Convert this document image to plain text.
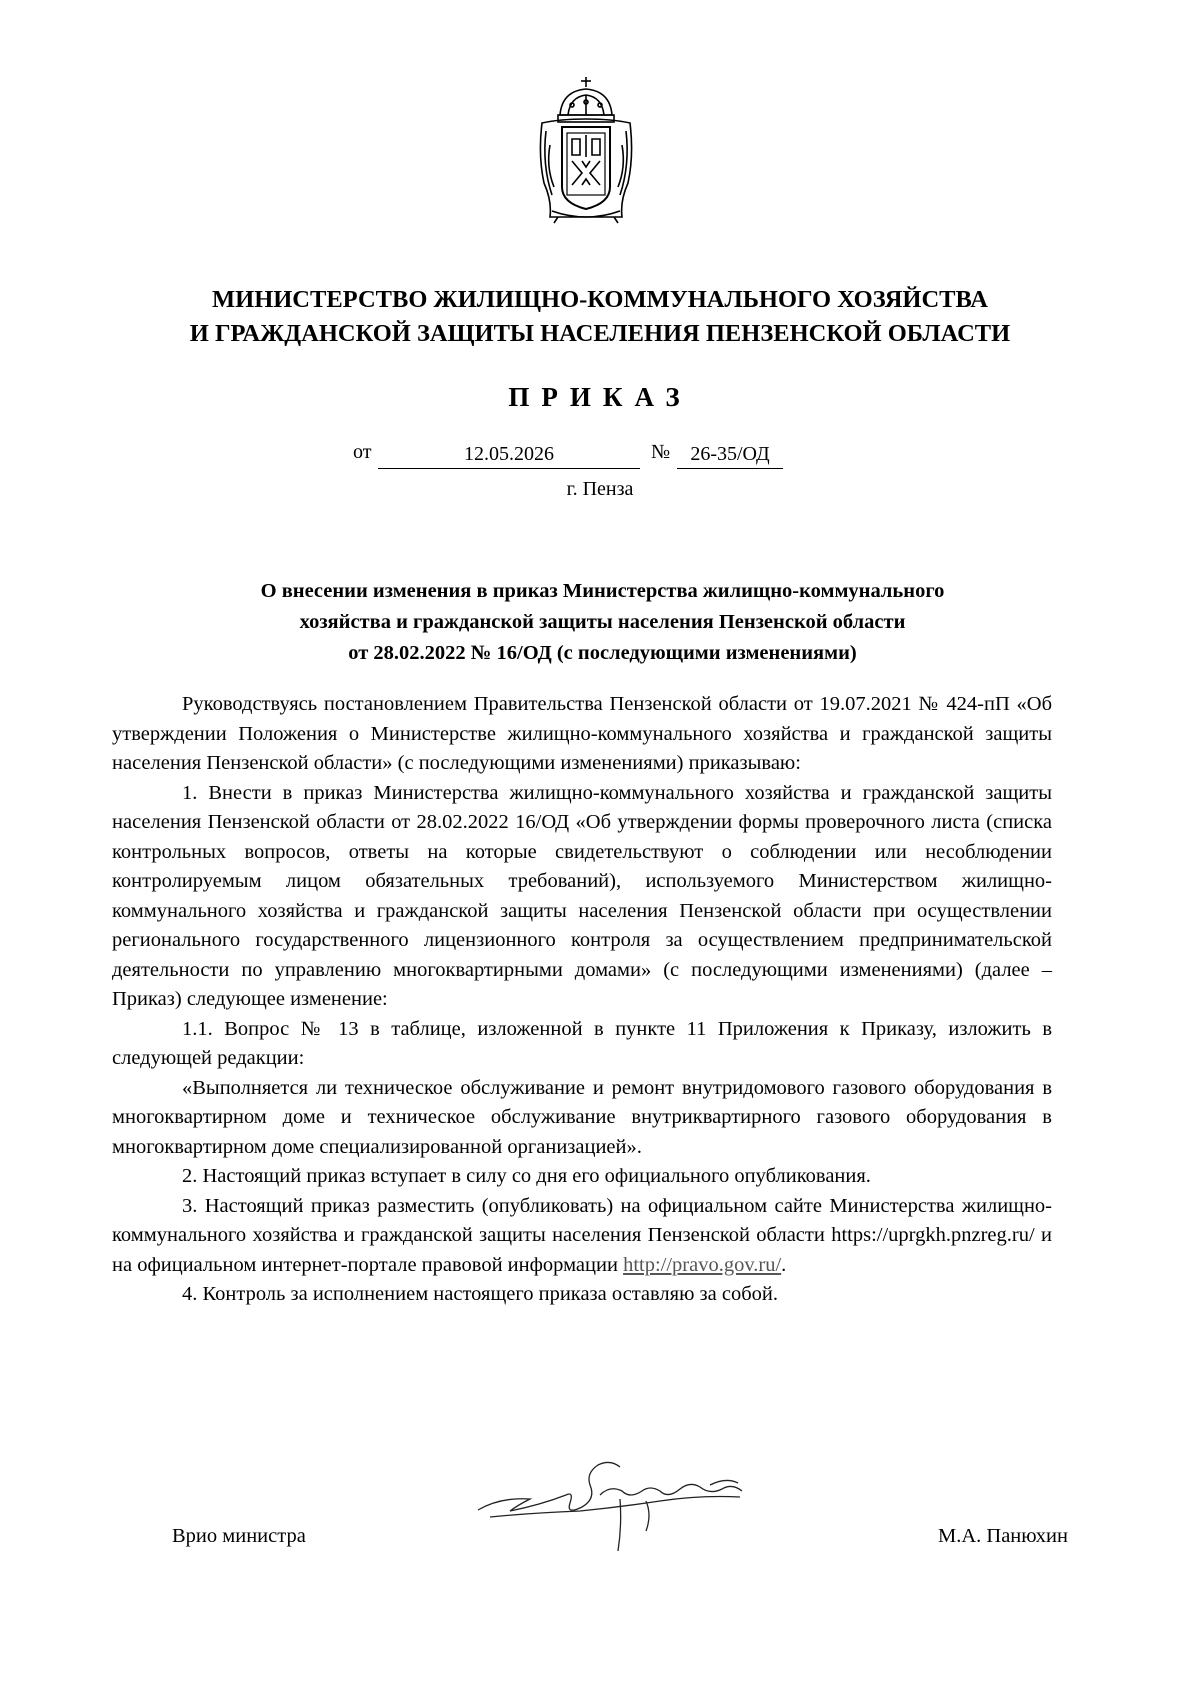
МИНИСТЕРСТВО ЖИЛИЩНО-КОММУНАЛЬНОГО ХОЗЯЙСТВА
И ГРАЖДАНСКОЙ ЗАЩИТЫ НАСЕЛЕНИЯ ПЕНЗЕНСКОЙ ОБЛАСТИ
ПРИКАЗ
от	12.05.2026	№	26-35/ОД
г. Пенза
О внесении изменения в приказ Министерства жилищно-коммунального
хозяйства и гражданской защиты населения Пензенской области
от 28.02.2022 № 16/ОД (с последующими изменениями)

Руководствуясь постановлением Правительства Пензенской области от 19.07.2021 № 424-пП «Об утверждении Положения о Министерстве жилищно-коммунального хозяйства и гражданской защиты населения Пензенской области» (с последующими изменениями) приказываю:

1. Внести в приказ Министерства жилищно-коммунального хозяйства и гражданской защиты населения Пензенской области от 28.02.2022 16/ОД «Об утверждении формы проверочного листа (списка контрольных вопросов, ответы на которые свидетельствуют о соблюдении или несоблюдении контролируемым лицом обязательных требований), используемого Министерством жилищно-коммунального хозяйства и гражданской защиты населения Пензенской области при осуществлении регионального государственного лицензионного контроля за осуществлением предпринимательской деятельности по управлению многоквартирными домами» (с последующими изменениями) (далее – Приказ) следующее изменение:

1.1. Вопрос № 13 в таблице, изложенной в пункте 11 Приложения к Приказу, изложить в следующей редакции:

«Выполняется ли техническое обслуживание и ремонт внутридомового газового оборудования в многоквартирном доме и техническое обслуживание внутриквартирного газового оборудования в многоквартирном доме специализированной организацией».

2. Настоящий приказ вступает в силу со дня его официального опубликования.

3. Настоящий приказ разместить (опубликовать) на официальном сайте Министерства жилищно-коммунального хозяйства и гражданской защиты населения Пензенской области https://uprgkh.pnzreg.ru/ и на официальном интернет-портале правовой информации http://pravo.gov.ru/.

4. Контроль за исполнением настоящего приказа оставляю за собой.

Врио министра	М.А. Панюхин
